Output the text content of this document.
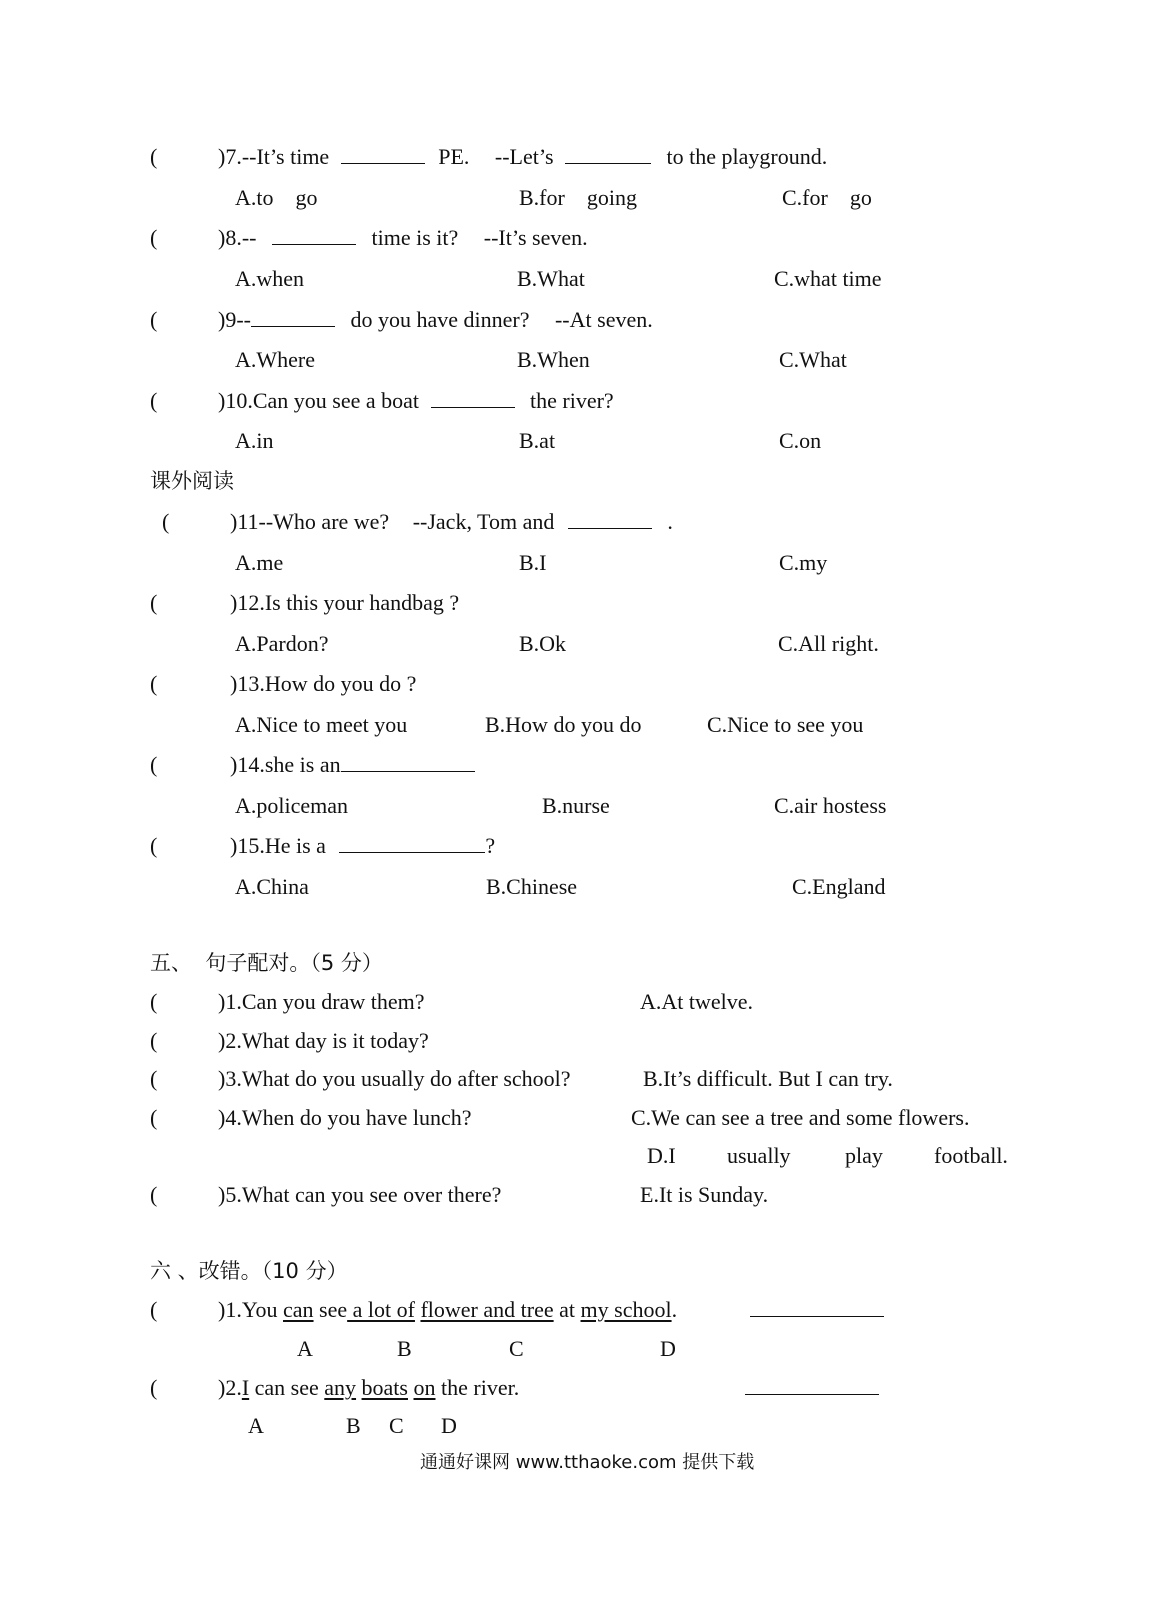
(	)7.--It’s time	PE. --Let’s	to the playground.
A.to    go	B.for    going	C.for    go
(	)8.--	time is it? --It’s seven.
A.when	B.What	C.what time
(	)9--	do you have dinner? --At seven.
A.Where	B.When	C.What
(	)10.Can you see a boat	the river?
A.in	B.at	C.on
课外阅读
(	)11--Who are we? --Jack, Tom and	.
A.me	B.I	C.my
(	)12.Is this your handbag ?
A.Pardon?	B.Ok	C.All right.
(	)13.How do you do ?
A.Nice to meet you	B.How do you do	C.Nice to see you
(	)14.she is an
A.policeman	B.nurse	C.air hostess
(	)15.He is a	?
A.China	B.Chinese	C.England
五、  句子配对。（5 分）
(	)1.Can you draw them?	A.At twelve.
(	)2.What day is it today?
(	)3.What do you usually do after school?	B.It’s difficult. But I can try.
(	)4.When do you have lunch?	C.We can see a tree and some flowers.
D.I usually play football.
(	)5.What can you see over there?	E.It is Sunday.
六 、改错。（10 分）
(	)1.You can see a lot of flower and tree at my school.
A	B	C	D
(	)2.I can see any boats on the river.
A	B C D
通通好课网 www.tthaoke.com 提供下载
